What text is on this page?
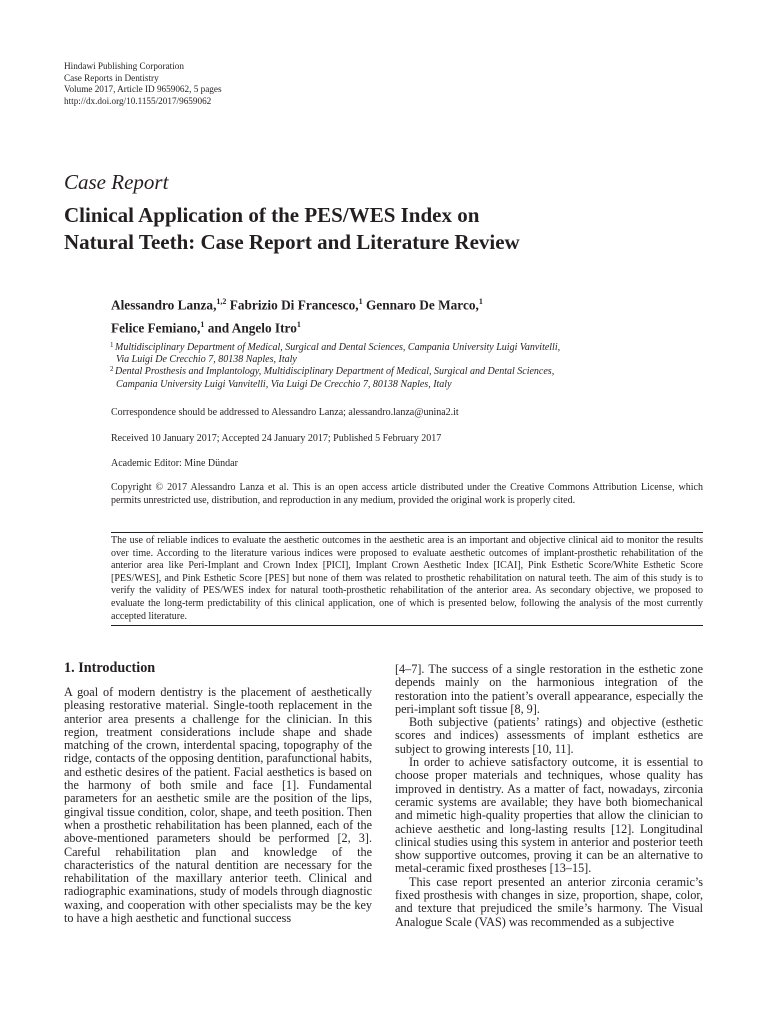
Hindawi Publishing Corporation
Case Reports in Dentistry
Volume 2017, Article ID 9659062, 5 pages
http://dx.doi.org/10.1155/2017/9659062
Case Report
Clinical Application of the PES/WES Index on
Natural Teeth: Case Report and Literature Review
Alessandro Lanza,$^{1,2}$ Fabrizio Di Francesco,$^1$ Gennaro De Marco,$^1$
Felice Femiano,$^1$ and Angelo Itro$^1$
1 Multidisciplinary Department of Medical, Surgical and Dental Sciences, Campania University Luigi Vanvitelli,
Via Luigi De Crecchio 7, 80138 Naples, Italy
2 Dental Prosthesis and Implantology, Multidisciplinary Department of Medical, Surgical and Dental Sciences,
Campania University Luigi Vanvitelli, Via Luigi De Crecchio 7, 80138 Naples, Italy
Correspondence should be addressed to Alessandro Lanza; alessandro.lanza@unina2.it
Received 10 January 2017; Accepted 24 January 2017; Published 5 February 2017
Academic Editor: Mine Dündar
Copyright © 2017 Alessandro Lanza et al. This is an open access article distributed under the Creative Commons Attribution License, which permits unrestricted use, distribution, and reproduction in any medium, provided the original work is properly cited.
The use of reliable indices to evaluate the aesthetic outcomes in the aesthetic area is an important and objective clinical aid to monitor the results over time. According to the literature various indices were proposed to evaluate aesthetic outcomes of implant-prosthetic rehabilitation of the anterior area like Peri-Implant and Crown Index [PICI], Implant Crown Aesthetic Index [ICAI], Pink Esthetic Score/White Esthetic Score [PES/WES], and Pink Esthetic Score [PES] but none of them was related to prosthetic rehabilitation on natural teeth. The aim of this study is to verify the validity of PES/WES index for natural tooth-prosthetic rehabilitation of the anterior area. As secondary objective, we proposed to evaluate the long-term predictability of this clinical application, one of which is presented below, following the analysis of the most currently accepted literature.
1. Introduction

A goal of modern dentistry is the placement of aesthetically pleasing restorative material. Single-tooth replacement in the anterior area presents a challenge for the clinician. In this region, treatment considerations include shape and shade matching of the crown, interdental spacing, topography of the ridge, contacts of the opposing dentition, parafunctional habits, and esthetic desires of the patient. Facial aesthetics is based on the harmony of both smile and face [1]. Fundamental parameters for an aesthetic smile are the position of the lips, gingival tissue condition, color, shape, and teeth position. Then when a prosthetic rehabilitation has been planned, each of the above-mentioned parameters should be performed [2, 3]. Careful rehabilitation plan and knowledge of the characteristics of the natural dentition are necessary for the rehabilitation of the maxillary anterior teeth. Clinical and radiographic examinations, study of models through diagnostic waxing, and cooperation with other specialists may be the key to have a high aesthetic and functional success

[4–7]. The success of a single restoration in the esthetic zone depends mainly on the harmonious integration of the restoration into the patient’s overall appearance, especially the peri-implant soft tissue [8, 9].

Both subjective (patients’ ratings) and objective (esthetic scores and indices) assessments of implant esthetics are subject to growing interests [10, 11].

In order to achieve satisfactory outcome, it is essential to choose proper materials and techniques, whose quality has improved in dentistry. As a matter of fact, nowadays, zirconia ceramic systems are available; they have both biomechanical and mimetic high-quality properties that allow the clinician to achieve aesthetic and long-lasting results [12]. Longitudinal clinical studies using this system in anterior and posterior teeth show supportive outcomes, proving it can be an alternative to metal-ceramic fixed prostheses [13–15].

This case report presented an anterior zirconia ceramic’s fixed prosthesis with changes in size, proportion, shape, color, and texture that prejudiced the smile’s harmony. The Visual Analogue Scale (VAS) was recommended as a subjective
